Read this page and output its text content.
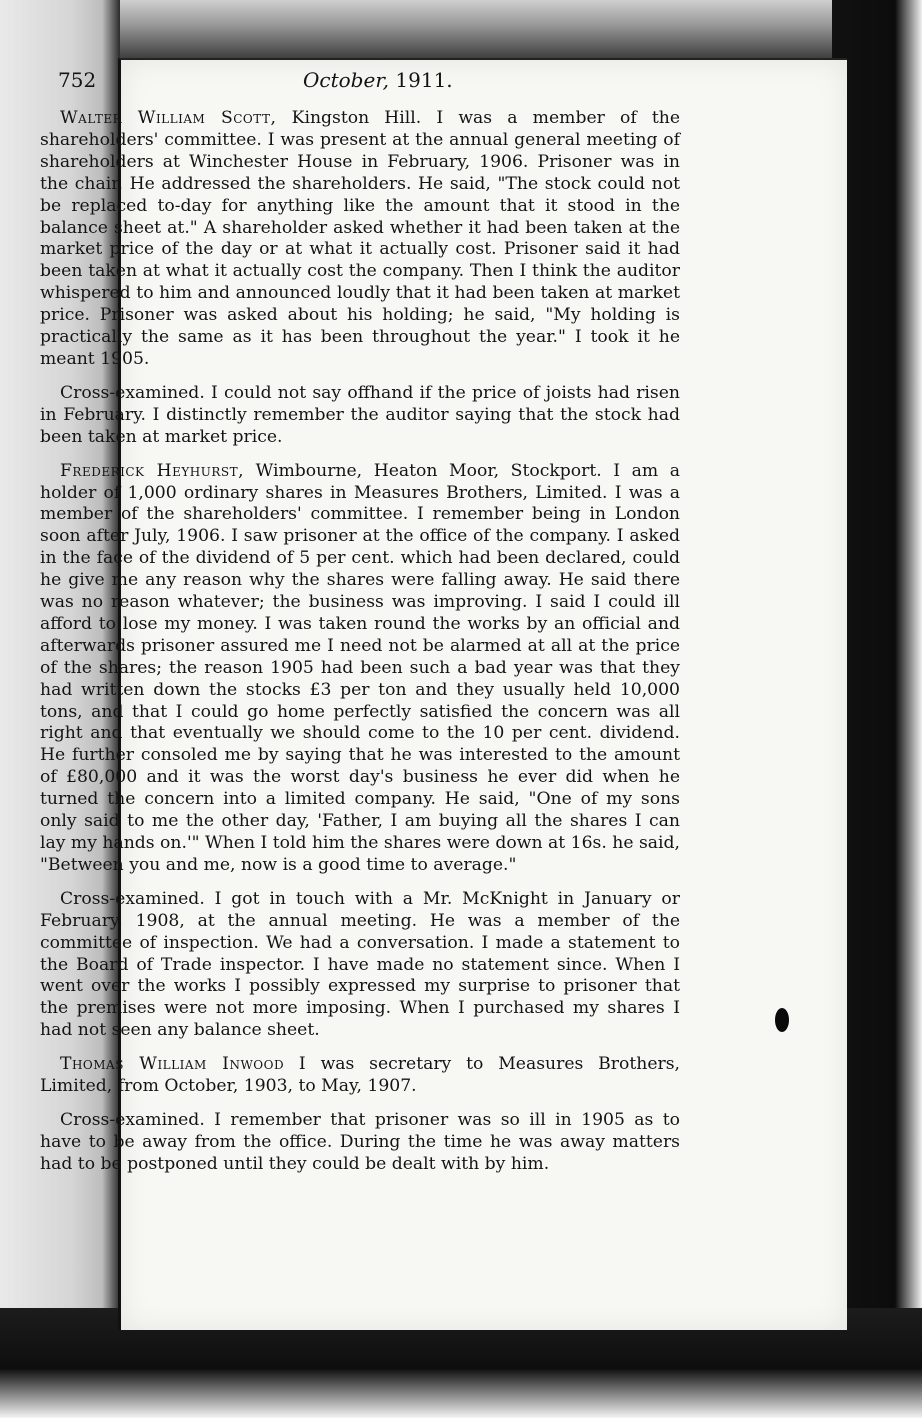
752	October, 1911.

Walter William Scott, Kingston Hill. I was a member of the shareholders' committee. I was present at the annual general meeting of shareholders at Winchester House in February, 1906. Prisoner was in the chair. He addressed the shareholders. He said, "The stock could not be replaced to-day for anything like the amount that it stood in the balance sheet at." A shareholder asked whether it had been taken at the market price of the day or at what it actually cost. Prisoner said it had been taken at what it actually cost the company. Then I think the auditor whispered to him and announced loudly that it had been taken at market price. Prisoner was asked about his holding; he said, "My holding is practically the same as it has been throughout the year." I took it he meant 1905.

Cross-examined. I could not say offhand if the price of joists had risen in February. I distinctly remember the auditor saying that the stock had been taken at market price.

Frederick Heyhurst, Wimbourne, Heaton Moor, Stockport. I am a holder of 1,000 ordinary shares in Measures Brothers, Limited. I was a member of the shareholders' committee. I remember being in London soon after July, 1906. I saw prisoner at the office of the company. I asked in the face of the dividend of 5 per cent. which had been declared, could he give me any reason why the shares were falling away. He said there was no reason whatever; the business was improving. I said I could ill afford to lose my money. I was taken round the works by an official and afterwards prisoner assured me I need not be alarmed at all at the price of the shares; the reason 1905 had been such a bad year was that they had written down the stocks £3 per ton and they usually held 10,000 tons, and that I could go home perfectly satisfied the concern was all right and that eventually we should come to the 10 per cent. dividend. He further consoled me by saying that he was interested to the amount of £80,000 and it was the worst day's business he ever did when he turned the concern into a limited company. He said, "One of my sons only said to me the other day, 'Father, I am buying all the shares I can lay my hands on.'" When I told him the shares were down at 16s. he said, "Between you and me, now is a good time to average."

Cross-examined. I got in touch with a Mr. McKnight in January or February, 1908, at the annual meeting. He was a member of the committee of inspection. We had a conversation. I made a statement to the Board of Trade inspector. I have made no statement since. When I went over the works I possibly expressed my surprise to prisoner that the premises were not more imposing. When I purchased my shares I had not seen any balance sheet.

Thomas William Inwood I was secretary to Measures Brothers, Limited, from October, 1903, to May, 1907.

Cross-examined. I remember that prisoner was so ill in 1905 as to have to be away from the office. During the time he was away matters had to be postponed until they could be dealt with by him.
